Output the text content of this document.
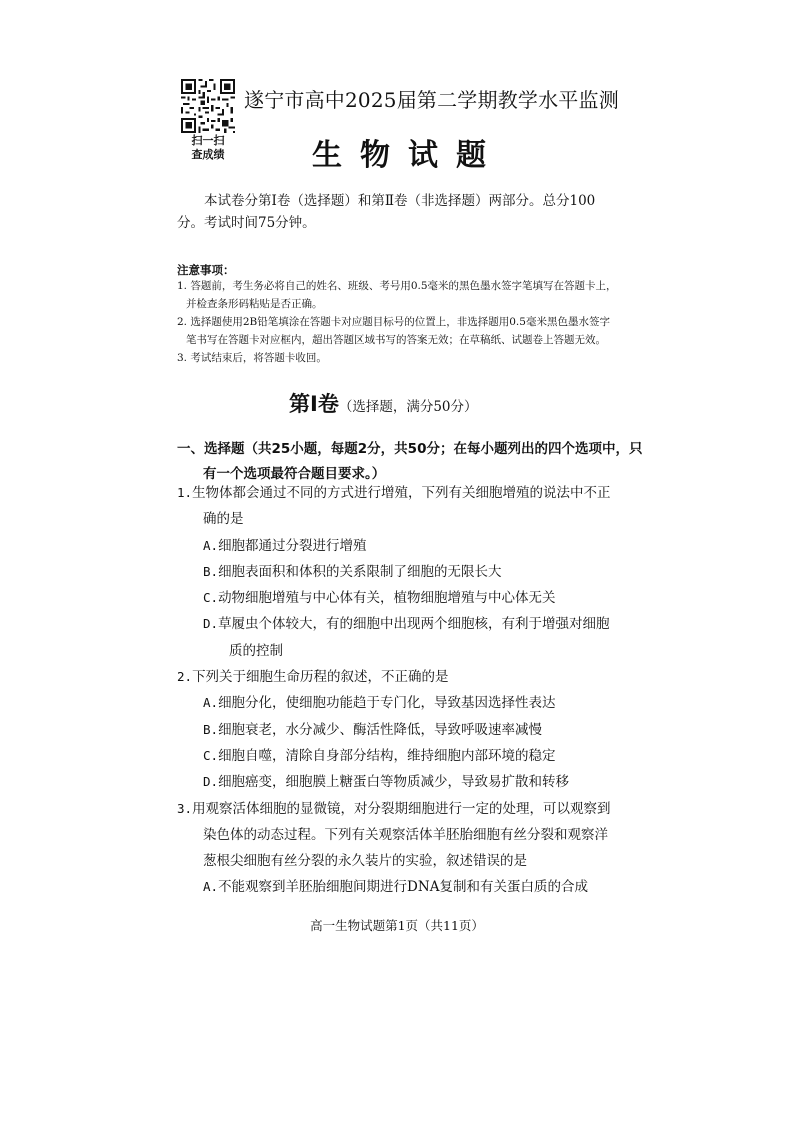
扫一扫
查成绩
遂宁市高中2025届第二学期教学水平监测
生物试题
本试卷分第Ⅰ卷（选择题）和第Ⅱ卷（非选择题）两部分。总分100分。考试时间75分钟。
注意事项：
1. 答题前，考生务必将自己的姓名、班级、考号用0.5毫米的黑色墨水签字笔填写在答题卡上，并检查条形码粘贴是否正确。
2. 选择题使用2B铅笔填涂在答题卡对应题目标号的位置上，非选择题用0.5毫米黑色墨水签字笔书写在答题卡对应框内，超出答题区域书写的答案无效；在草稿纸、试题卷上答题无效。
3. 考试结束后，将答题卡收回。
第Ⅰ卷（选择题，满分50分）
一、选择题（共25小题，每题2分，共50分；在每小题列出的四个选项中，只有一个选项最符合题目要求。）
1.生物体都会通过不同的方式进行增殖，下列有关细胞增殖的说法中不正确的是
A.细胞都通过分裂进行增殖
B.细胞表面积和体积的关系限制了细胞的无限长大
C.动物细胞增殖与中心体有关，植物细胞增殖与中心体无关
D.草履虫个体较大，有的细胞中出现两个细胞核，有利于增强对细胞质的控制
2.下列关于细胞生命历程的叙述，不正确的是
A.细胞分化，使细胞功能趋于专门化，导致基因选择性表达
B.细胞衰老，水分减少、酶活性降低，导致呼吸速率减慢
C.细胞自噬，清除自身部分结构，维持细胞内部环境的稳定
D.细胞癌变，细胞膜上糖蛋白等物质减少，导致易扩散和转移
3.用观察活体细胞的显微镜，对分裂期细胞进行一定的处理，可以观察到染色体的动态过程。下列有关观察活体羊胚胎细胞有丝分裂和观察洋葱根尖细胞有丝分裂的永久装片的实验，叙述错误的是
A.不能观察到羊胚胎细胞间期进行DNA复制和有关蛋白质的合成
高一生物试题第1页（共11页）
